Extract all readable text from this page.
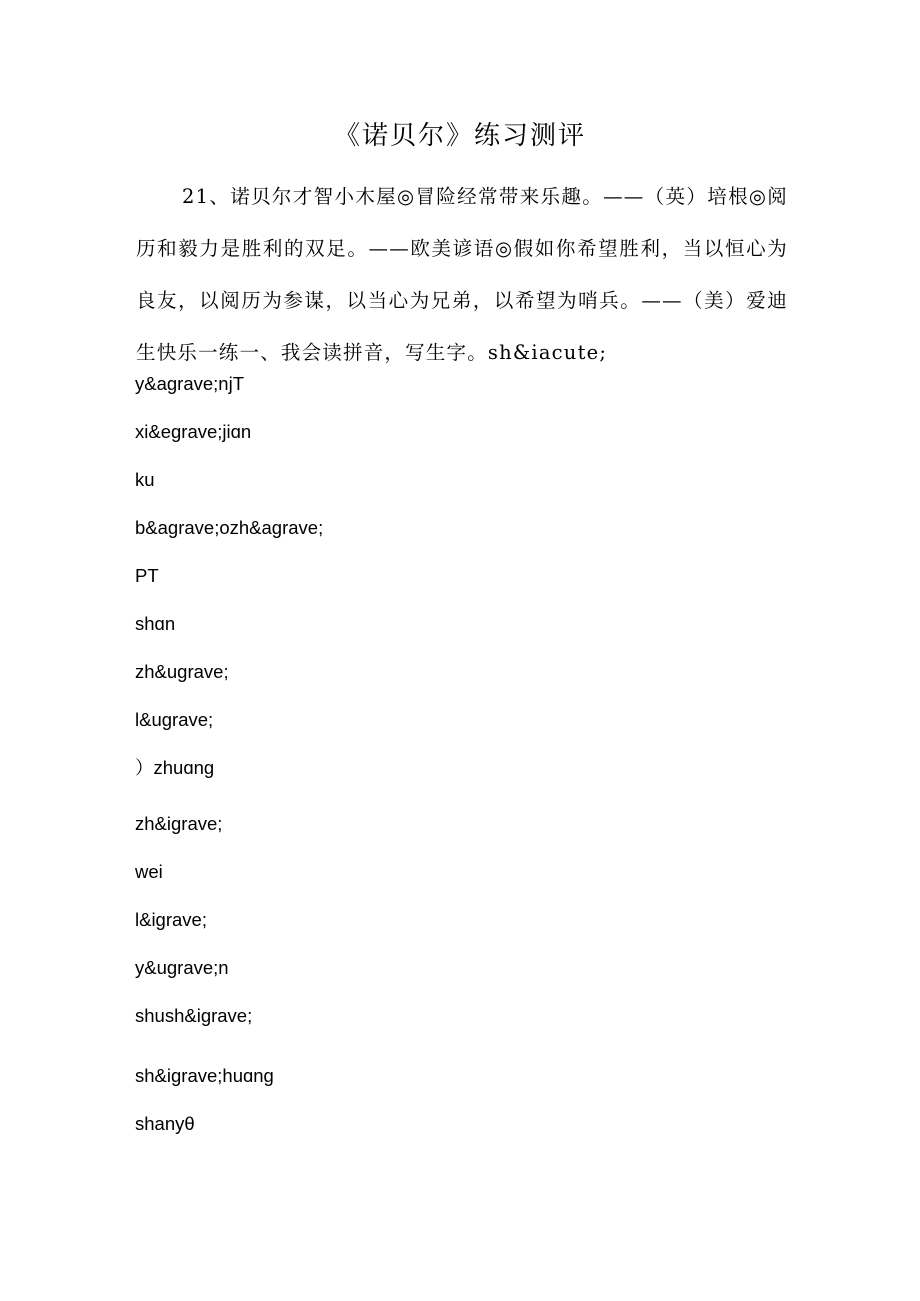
《诺贝尔》练习测评

21、诺贝尔才智小木屋◎冒险经常带来乐趣。——（英）培根◎阅历和毅力是胜利的双足。——欧美谚语◎假如你希望胜利，当以恒心为良友，以阅历为参谋，以当心为兄弟，以希望为哨兵。——（美）爱迪生快乐一练一、我会读拼音，写生字。sh&iacute;

y&agrave;njT
xi&egrave;jiɑn
ku
b&agrave;ozh&agrave;
PT
shɑn
zh&ugrave;
l&ugrave;
）zhuɑng
zh&igrave;
wei
l&igrave;
y&ugrave;n
shush&igrave;
sh&igrave;huɑng
shanyθ
